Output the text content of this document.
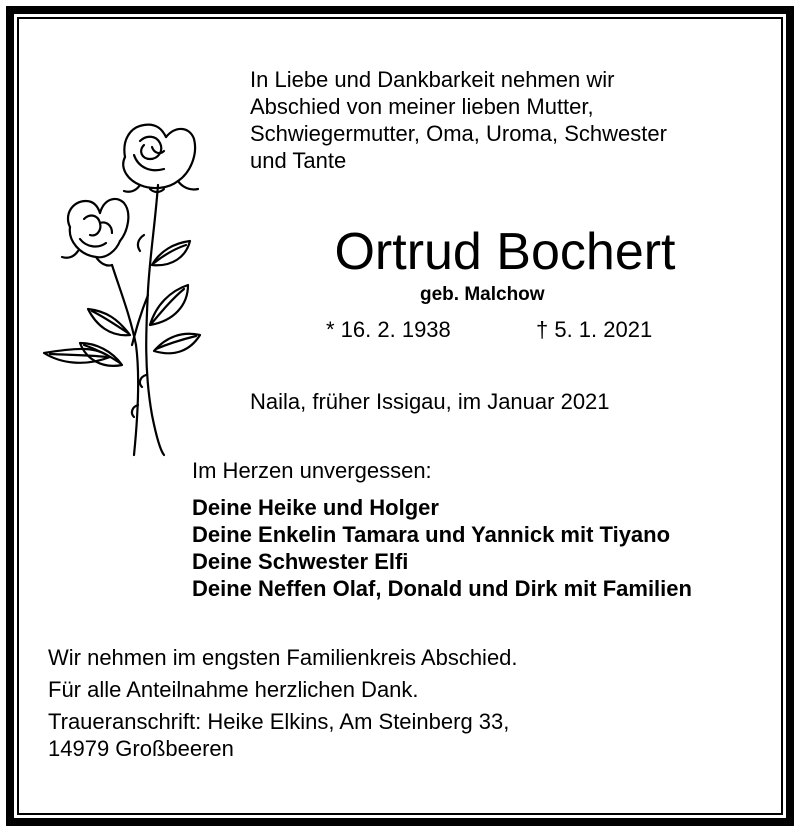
In Liebe und Dankbarkeit nehmen wir
Abschied von meiner lieben Mutter,
Schwiegermutter, Oma, Uroma, Schwester
und Tante
Ortrud Bochert
geb. Malchow
* 16. 2. 1938	† 5. 1. 2021
Naila, früher Issigau, im Januar 2021
Im Herzen unvergessen:
Deine Heike und Holger
Deine Enkelin Tamara und Yannick mit Tiyano
Deine Schwester Elfi
Deine Neffen Olaf, Donald und Dirk mit Familien
Wir nehmen im engsten Familienkreis Abschied.
Für alle Anteilnahme herzlichen Dank.
Traueranschrift: Heike Elkins, Am Steinberg 33,
14979 Großbeeren
